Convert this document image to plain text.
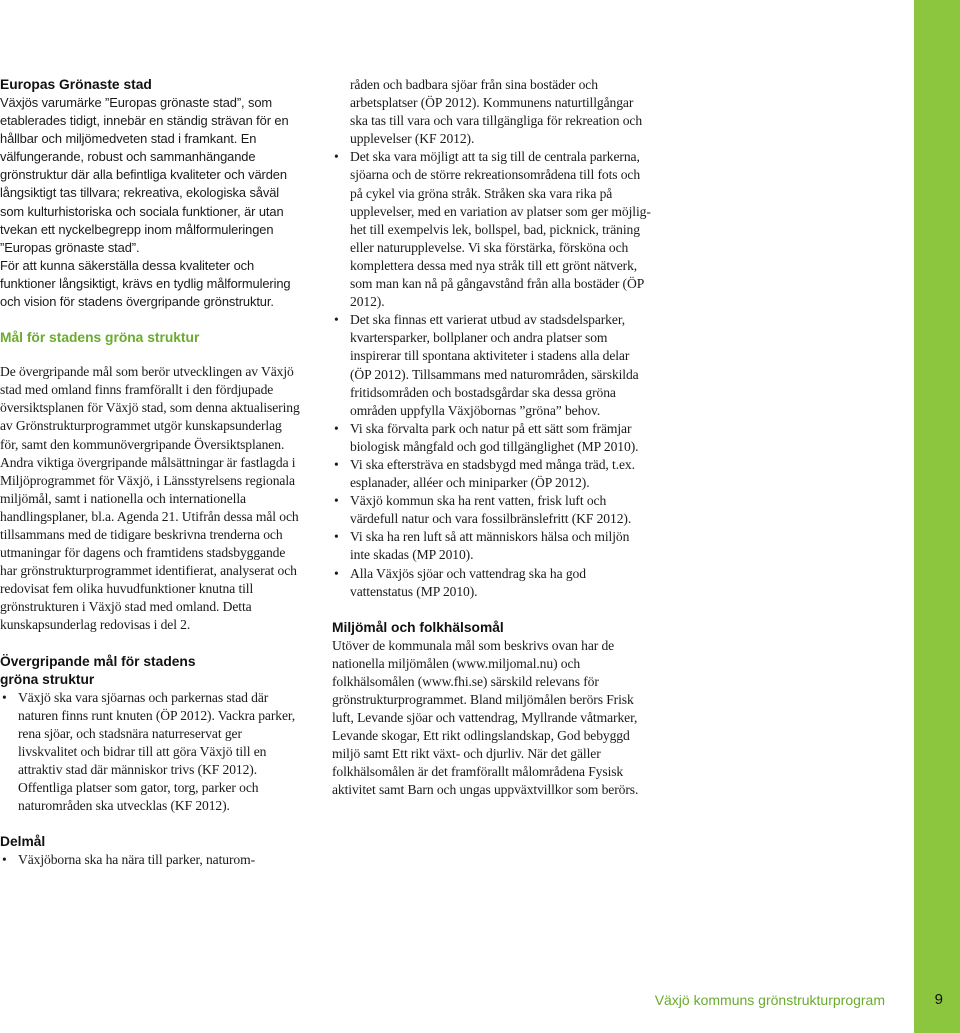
Europas Grönaste stad

Växjös varumärke ”Europas grönaste stad”, som etablerades tidigt, innebär en ständig strävan för en hållbar och miljömedveten stad i framkant. En välfungerande, robust och sammanhängande grönstruktur där alla befintliga kvaliteter och värden långsiktigt tas tillvara; rekreativa, ekologiska såväl som kulturhistoriska och sociala funktioner, är utan tvekan ett nyckelbegrepp inom målformuleringen ”Europas grönaste stad”.

För att kunna säkerställa dessa kvaliteter och funktioner långsiktigt, krävs en tydlig målformulering och vision för stadens övergripande grönstruktur.

Mål för stadens gröna struktur

De övergripande mål som berör utvecklingen av Växjö stad med omland finns framförallt i den fördjupade översiktsplanen för Växjö stad, som denna aktualisering av Grönstrukturprogrammet utgör kunskapsunderlag för, samt den kommunövergripande Översiktsplanen. Andra viktiga övergripande målsättningar är fastlagda i Miljöprogrammet för Växjö, i Länsstyrelsens regionala miljömål, samt i nationella och internationella handlingsplaner, bl.a. Agenda 21. Utifrån dessa mål och tillsammans med de tidigare beskrivna trenderna och utmaningar för dagens och framtidens stadsbyggande har grönstrukturprogrammet identifierat, analyserat och redovisat fem olika huvudfunktioner knutna till grönstrukturen i Växjö stad med omland. Detta kunskapsunderlag redovisas i del 2.

Övergripande mål för stadens
gröna struktur
• Växjö ska vara sjöarnas och parkernas stad där naturen finns runt knuten (ÖP 2012). Vackra parker, rena sjöar, och stadsnära naturreservat ger livskvalitet och bidrar till att göra Växjö till en attraktiv stad där människor trivs (KF 2012). Offentliga platser som gator, torg, parker och naturområden ska utvecklas (KF 2012).
Delmål
• Växjöborna ska ha nära till parker, naturom-
råden och badbara sjöar från sina bostäder och arbetsplatser (ÖP 2012). Kommunens naturtillgångar ska tas till vara och vara tillgängliga för rekreation och upplevelser (KF 2012).
• Det ska vara möjligt att ta sig till de centrala parkerna, sjöarna och de större rekreationsområdena till fots och på cykel via gröna stråk. Stråken ska vara rika på upplevelser, med en variation av platser som ger möjlighet till exempelvis lek, bollspel, bad, picknick, träning eller naturupplevelse. Vi ska förstärka, försköna och komplettera dessa med nya stråk till ett grönt nätverk, som man kan nå på gångavstånd från alla bostäder (ÖP 2012).
• Det ska finnas ett varierat utbud av stadsdelsparker, kvartersparker, bollplaner och andra platser som inspirerar till spontana aktiviteter i stadens alla delar (ÖP 2012). Tillsammans med naturområden, särskilda fritidsområden och bostadsgårdar ska dessa gröna områden uppfylla Växjöbornas ”gröna” behov.
• Vi ska förvalta park och natur på ett sätt som främjar biologisk mångfald och god tillgänglighet (MP 2010).
• Vi ska eftersträva en stadsbygd med många träd, t.ex. esplanader, alléer och miniparker (ÖP 2012).
• Växjö kommun ska ha rent vatten, frisk luft och värdefull natur och vara fossilbränslefritt (KF 2012).
• Vi ska ha ren luft så att människors hälsa och miljön inte skadas (MP 2010).
• Alla Växjös sjöar och vattendrag ska ha god vattenstatus (MP 2010).
Miljömål och folkhälsomål

Utöver de kommunala mål som beskrivs ovan har de nationella miljömålen (www.miljomal.nu) och folkhälsomålen (www.fhi.se) särskild relevans för grönstrukturprogrammet. Bland miljömålen berörs Frisk luft, Levande sjöar och vattendrag, Myllrande våtmarker, Levande skogar, Ett rikt odlingslandskap, God bebyggd miljö samt Ett rikt växt- och djurliv. När det gäller folkhälsomålen är det framförallt målområdena Fysisk aktivitet samt Barn och ungas uppväxtvillkor som berörs.

Växjö kommuns grönstrukturprogram	9
